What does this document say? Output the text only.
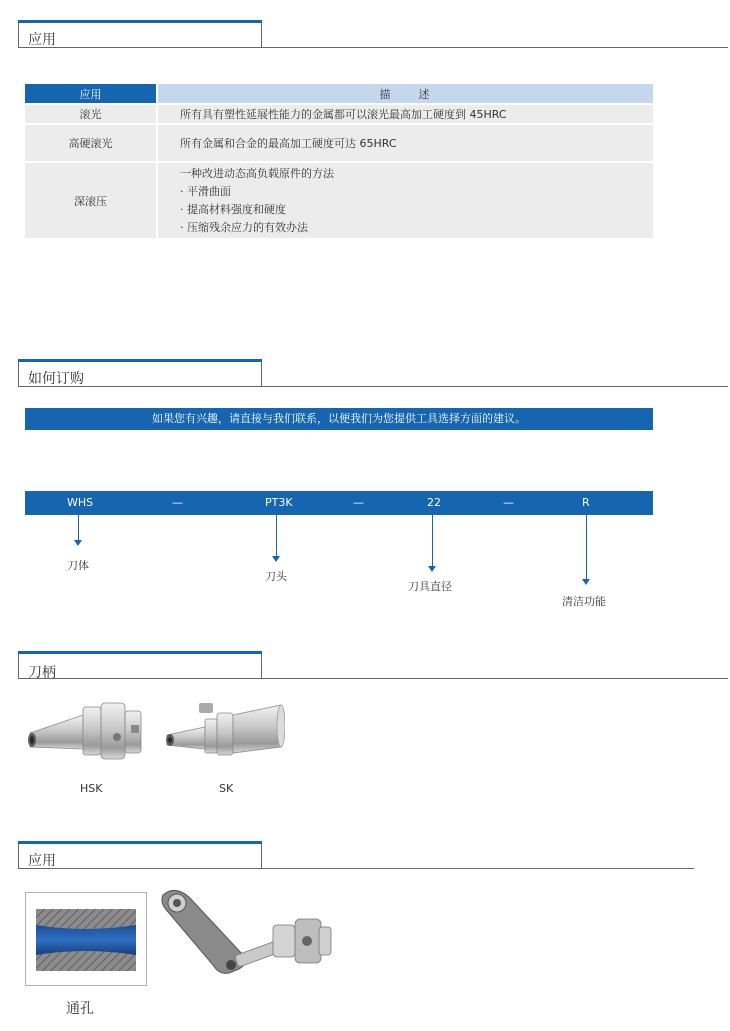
应用
应用	描　　述
滚光	所有具有塑性延展性能力的金属都可以滚光最高加工硬度到 45HRC
高硬滚光	所有金属和合金的最高加工硬度可达 65HRC
深滚压	一种改进动态高负载原件的方法
· 平滑曲面
· 提高材料强度和硬度
· 压缩残余应力的有效办法
如何订购
如果您有兴趣，请直接与我们联系，以便我们为您提供工具选择方面的建议。
WHS	—	PT3K	—	22	—	R
刀体
刀头
刀具直径
清洁功能
刀柄
HSK	SK
应用
通孔
